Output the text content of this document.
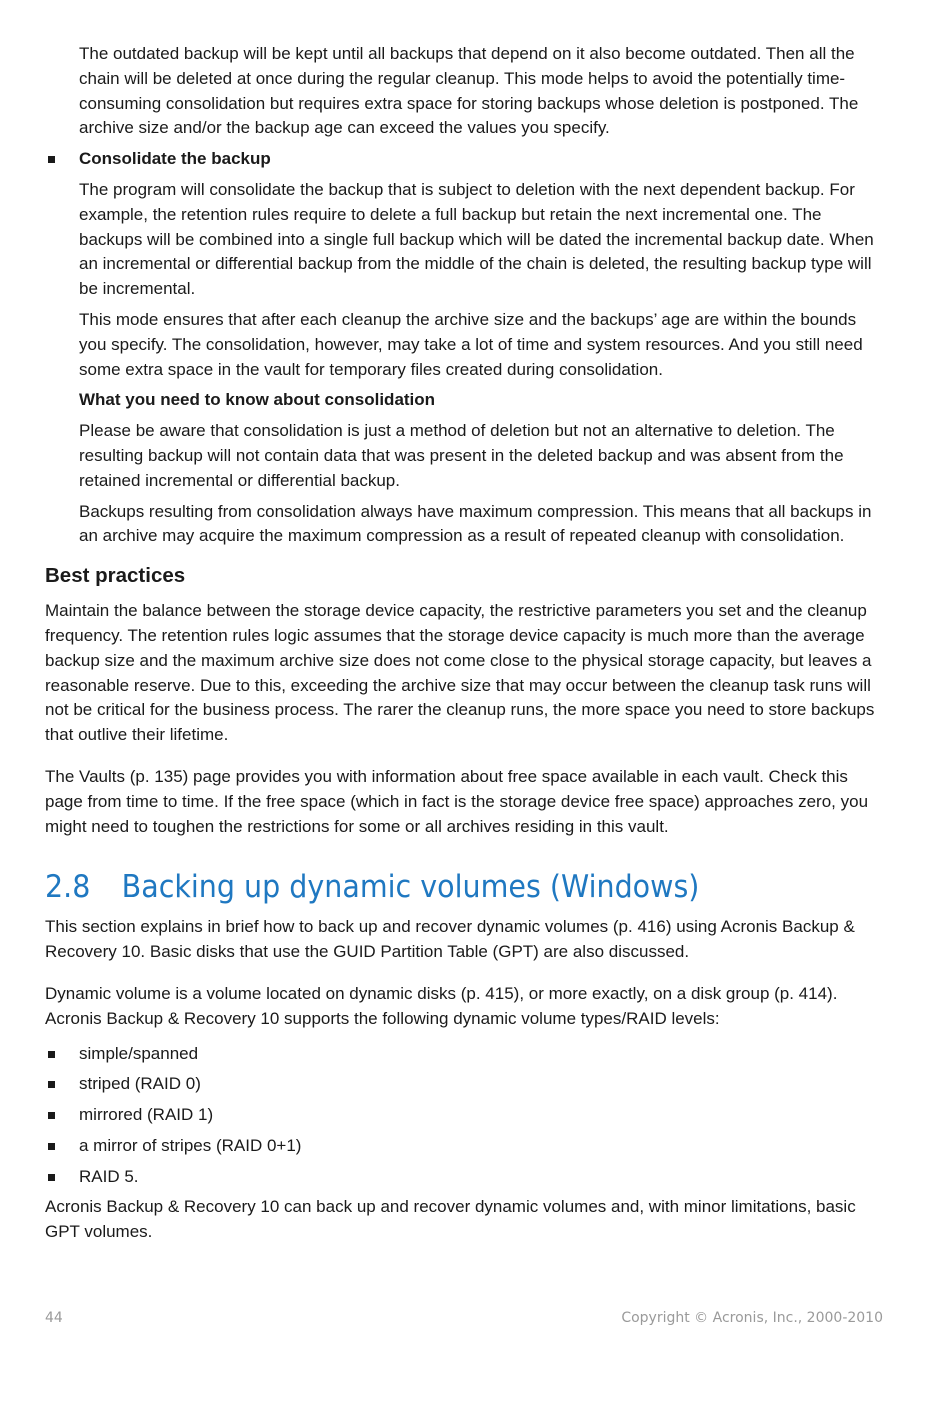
The outdated backup will be kept until all backups that depend on it also become outdated. Then all the chain will be deleted at once during the regular cleanup. This mode helps to avoid the potentially time-consuming consolidation but requires extra space for storing backups whose deletion is postponed. The archive size and/or the backup age can exceed the values you specify.

Consolidate the backup

The program will consolidate the backup that is subject to deletion with the next dependent backup. For example, the retention rules require to delete a full backup but retain the next incremental one. The backups will be combined into a single full backup which will be dated the incremental backup date. When an incremental or differential backup from the middle of the chain is deleted, the resulting backup type will be incremental.

This mode ensures that after each cleanup the archive size and the backups’ age are within the bounds you specify. The consolidation, however, may take a lot of time and system resources. And you still need some extra space in the vault for temporary files created during consolidation.

What you need to know about consolidation

Please be aware that consolidation is just a method of deletion but not an alternative to deletion. The resulting backup will not contain data that was present in the deleted backup and was absent from the retained incremental or differential backup.

Backups resulting from consolidation always have maximum compression. This means that all backups in an archive may acquire the maximum compression as a result of repeated cleanup with consolidation.

Best practices

Maintain the balance between the storage device capacity, the restrictive parameters you set and the cleanup frequency. The retention rules logic assumes that the storage device capacity is much more than the average backup size and the maximum archive size does not come close to the physical storage capacity, but leaves a reasonable reserve. Due to this, exceeding the archive size that may occur between the cleanup task runs will not be critical for the business process. The rarer the cleanup runs, the more space you need to store backups that outlive their lifetime.

The Vaults (p. 135) page provides you with information about free space available in each vault. Check this page from time to time. If the free space (which in fact is the storage device free space) approaches zero, you might need to toughen the restrictions for some or all archives residing in this vault.

2.8 Backing up dynamic volumes (Windows)

This section explains in brief how to back up and recover dynamic volumes (p. 416) using Acronis Backup & Recovery 10. Basic disks that use the GUID Partition Table (GPT) are also discussed.

Dynamic volume is a volume located on dynamic disks (p. 415), or more exactly, on a disk group (p. 414). Acronis Backup & Recovery 10 supports the following dynamic volume types/RAID levels:

simple/spanned
striped (RAID 0)
mirrored (RAID 1)
a mirror of stripes (RAID 0+1)
RAID 5.

Acronis Backup & Recovery 10 can back up and recover dynamic volumes and, with minor limitations, basic GPT volumes.

44	Copyright © Acronis, Inc., 2000-2010
